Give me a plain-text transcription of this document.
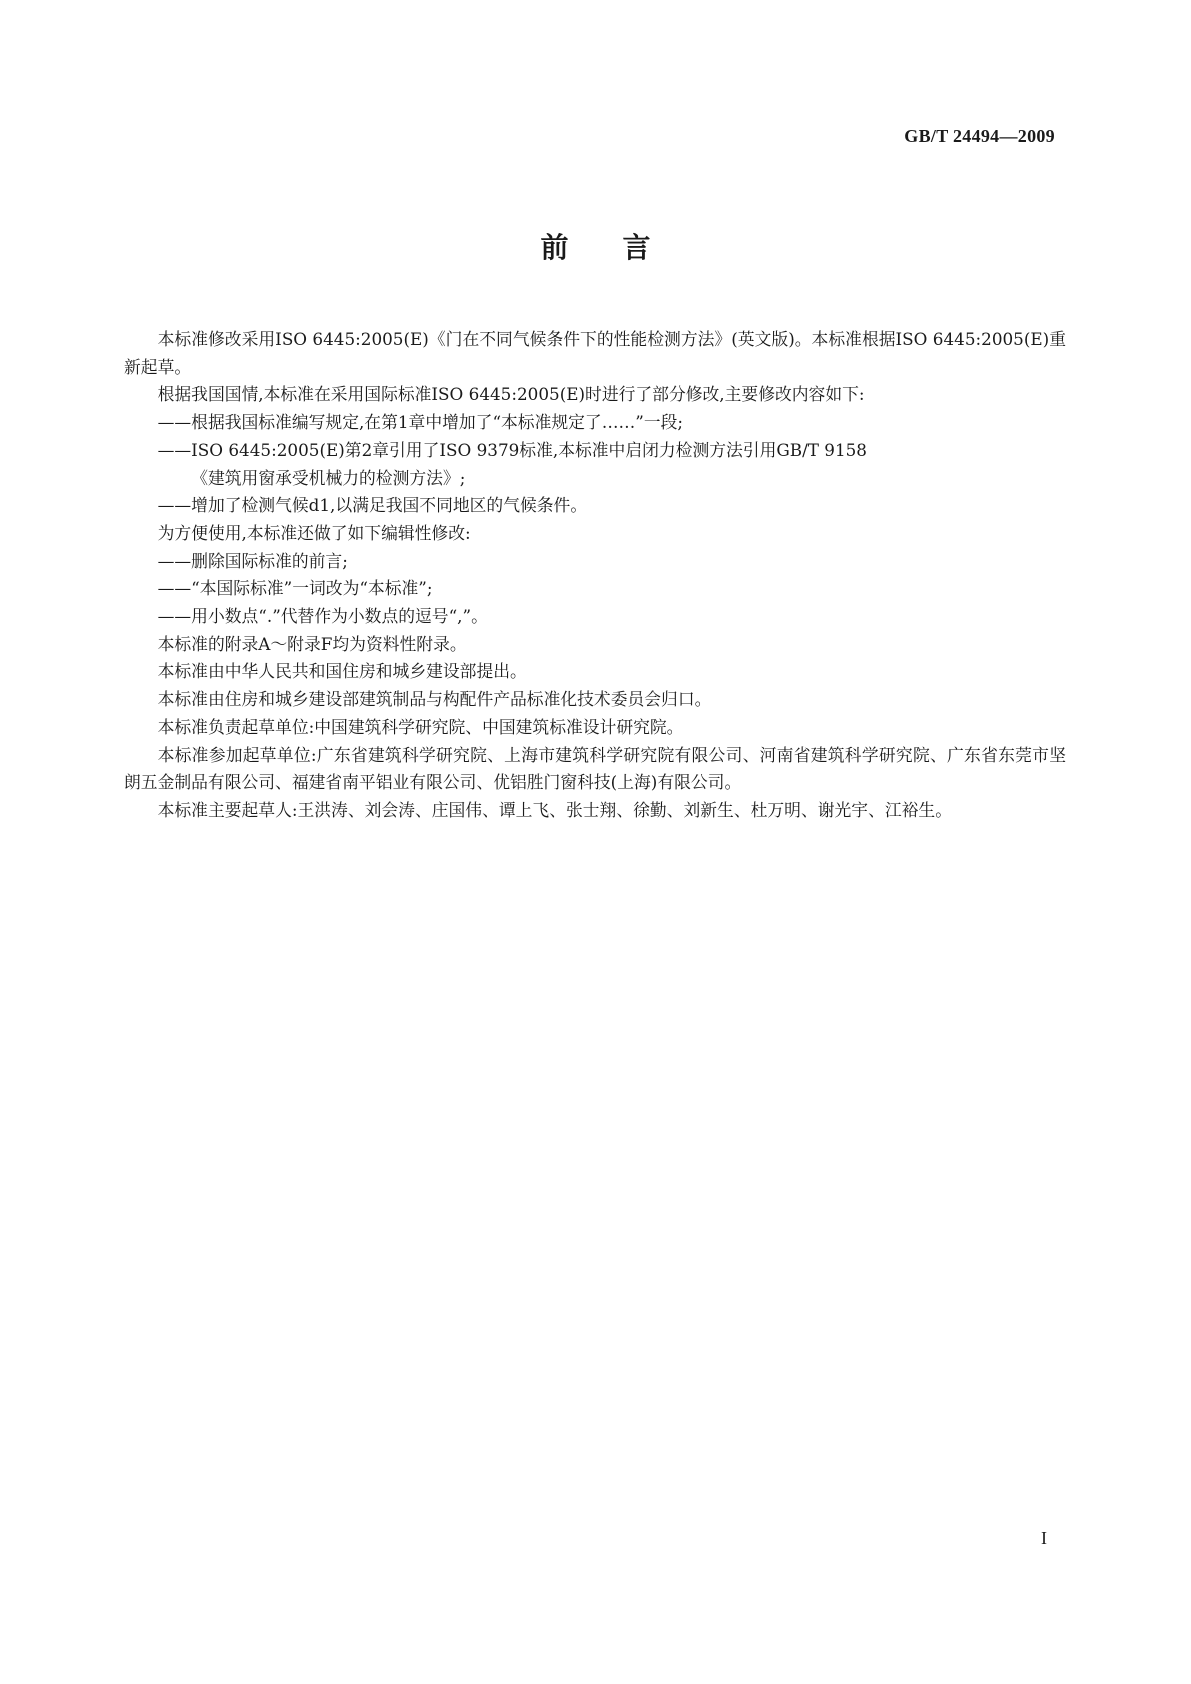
GB/T 24494—2009
前言

本标准修改采用ISO 6445:2005(E)《门在不同气候条件下的性能检测方法》(英文版)。本标准根据ISO 6445:2005(E)重新起草。

根据我国国情,本标准在采用国际标准ISO 6445:2005(E)时进行了部分修改,主要修改内容如下:

——根据我国标准编写规定,在第1章中增加了“本标准规定了……”一段;

——ISO 6445:2005(E)第2章引用了ISO 9379标准,本标准中启闭力检测方法引用GB/T 9158
《建筑用窗承受机械力的检测方法》;

——增加了检测气候d1,以满足我国不同地区的气候条件。

为方便使用,本标准还做了如下编辑性修改:

——删除国际标准的前言;

——“本国际标准”一词改为“本标准”;

——用小数点“.”代替作为小数点的逗号“,”。

本标准的附录A～附录F均为资料性附录。

本标准由中华人民共和国住房和城乡建设部提出。

本标准由住房和城乡建设部建筑制品与构配件产品标准化技术委员会归口。

本标准负责起草单位:中国建筑科学研究院、中国建筑标准设计研究院。

本标准参加起草单位:广东省建筑科学研究院、上海市建筑科学研究院有限公司、河南省建筑科学研究院、广东省东莞市坚朗五金制品有限公司、福建省南平铝业有限公司、优铝胜门窗科技(上海)有限公司。

本标准主要起草人:王洪涛、刘会涛、庄国伟、谭上飞、张士翔、徐勤、刘新生、杜万明、谢光宇、江裕生。

I
